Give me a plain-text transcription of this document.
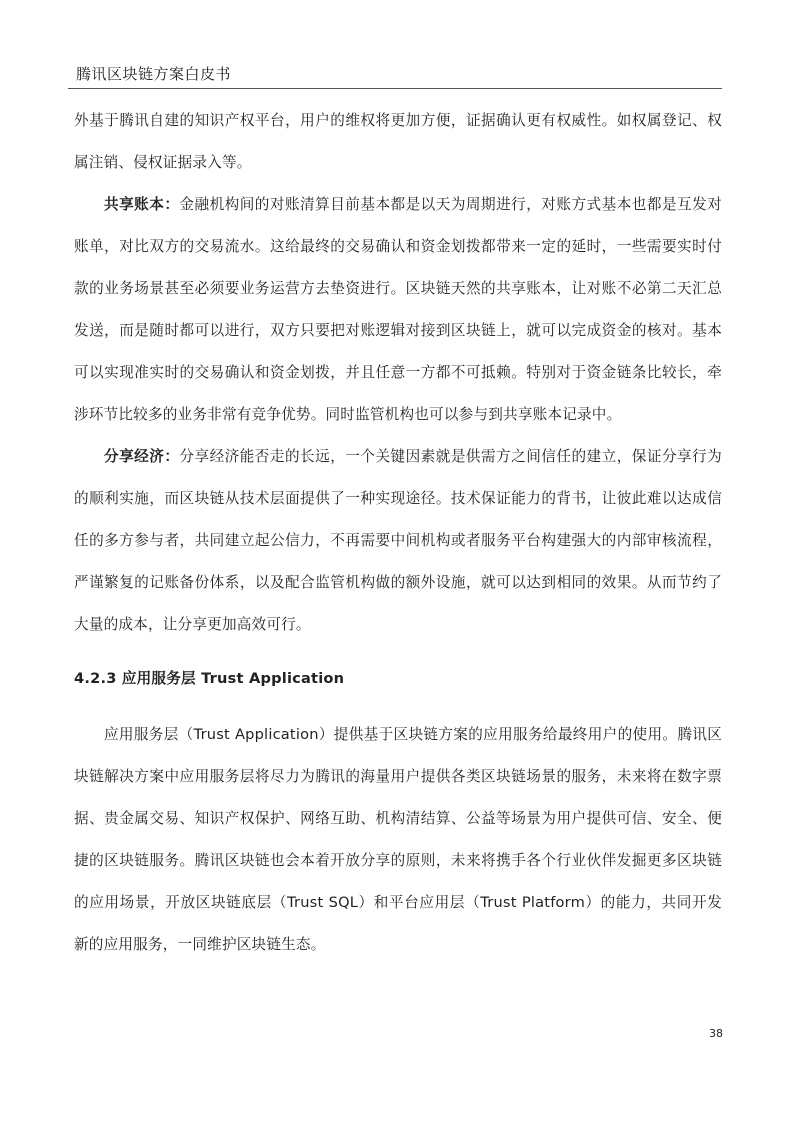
腾讯区块链方案白皮书

外基于腾讯自建的知识产权平台，用户的维权将更加方便，证据确认更有权威性。如权属登记、权属注销、侵权证据录入等。

共享账本：金融机构间的对账清算目前基本都是以天为周期进行，对账方式基本也都是互发对账单，对比双方的交易流水。这给最终的交易确认和资金划拨都带来一定的延时，一些需要实时付款的业务场景甚至必须要业务运营方去垫资进行。区块链天然的共享账本，让对账不必第二天汇总发送，而是随时都可以进行，双方只要把对账逻辑对接到区块链上，就可以完成资金的核对。基本可以实现准实时的交易确认和资金划拨，并且任意一方都不可抵赖。特别对于资金链条比较长，牵涉环节比较多的业务非常有竞争优势。同时监管机构也可以参与到共享账本记录中。

分享经济：分享经济能否走的长远，一个关键因素就是供需方之间信任的建立，保证分享行为的顺利实施，而区块链从技术层面提供了一种实现途径。技术保证能力的背书，让彼此难以达成信任的多方参与者，共同建立起公信力，不再需要中间机构或者服务平台构建强大的内部审核流程，严谨繁复的记账备份体系，以及配合监管机构做的额外设施，就可以达到相同的效果。从而节约了大量的成本，让分享更加高效可行。

4.2.3 应用服务层 Trust Application

应用服务层（Trust Application）提供基于区块链方案的应用服务给最终用户的使用。腾讯区块链解决方案中应用服务层将尽力为腾讯的海量用户提供各类区块链场景的服务，未来将在数字票据、贵金属交易、知识产权保护、网络互助、机构清结算、公益等场景为用户提供可信、安全、便捷的区块链服务。腾讯区块链也会本着开放分享的原则，未来将携手各个行业伙伴发掘更多区块链的应用场景，开放区块链底层（Trust SQL）和平台应用层（Trust Platform）的能力，共同开发新的应用服务，一同维护区块链生态。

38
